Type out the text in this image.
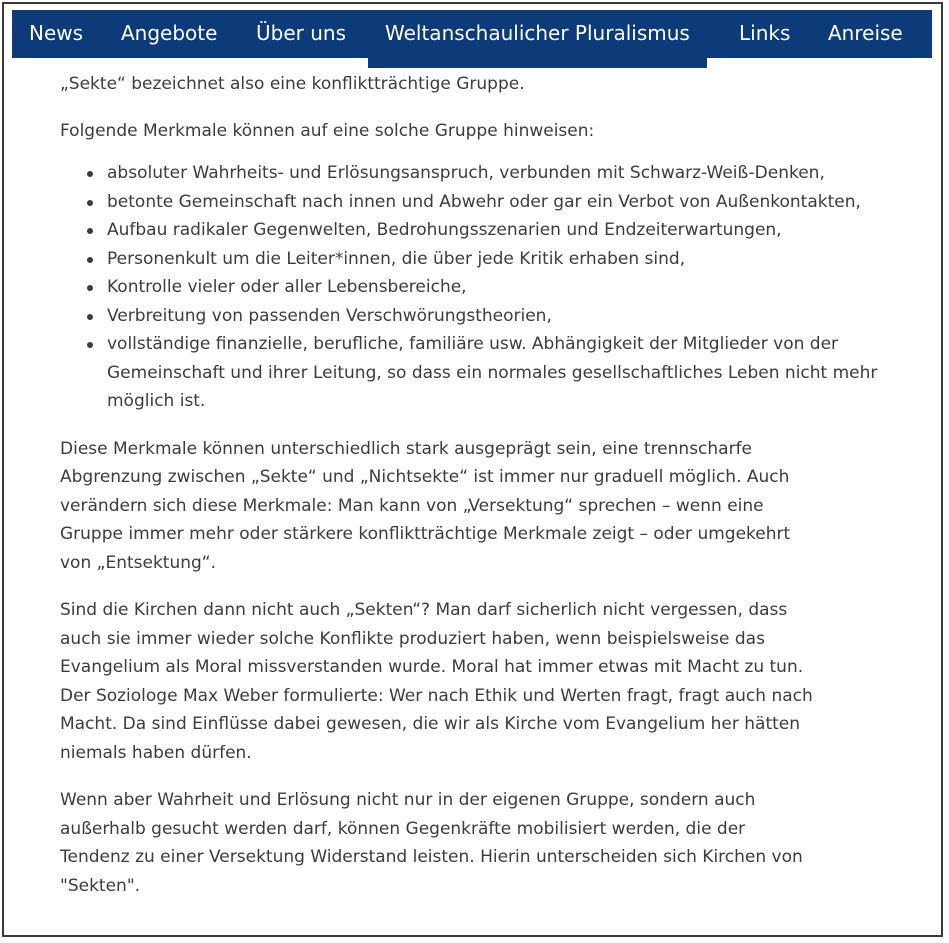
News Angebote Über uns	Weltanschaulicher Pluralismus	Links Anreise

„Sekte“ bezeichnet also eine konfliktträchtige Gruppe.

Folgende Merkmale können auf eine solche Gruppe hinweisen:

absoluter Wahrheits- und Erlösungsanspruch, verbunden mit Schwarz-Weiß-Denken,
betonte Gemeinschaft nach innen und Abwehr oder gar ein Verbot von Außenkontakten,
Aufbau radikaler Gegenwelten, Bedrohungsszenarien und Endzeiterwartungen,
Personenkult um die Leiter*innen, die über jede Kritik erhaben sind,
Kontrolle vieler oder aller Lebensbereiche,
Verbreitung von passenden Verschwörungstheorien,
vollständige finanzielle, berufliche, familiäre usw. Abhängigkeit der Mitglieder von der Gemeinschaft und ihrer Leitung, so dass ein normales gesellschaftliches Leben nicht mehr möglich ist.

Diese Merkmale können unterschiedlich stark ausgeprägt sein, eine trennscharfe Abgrenzung zwischen „Sekte“ und „Nichtsekte“ ist immer nur graduell möglich. Auch verändern sich diese Merkmale: Man kann von „Versektung“ sprechen – wenn eine Gruppe immer mehr oder stärkere konfliktträchtige Merkmale zeigt – oder umgekehrt von „Entsektung“.

Sind die Kirchen dann nicht auch „Sekten“? Man darf sicherlich nicht vergessen, dass auch sie immer wieder solche Konflikte produziert haben, wenn beispielsweise das Evangelium als Moral missverstanden wurde. Moral hat immer etwas mit Macht zu tun. Der Soziologe Max Weber formulierte: Wer nach Ethik und Werten fragt, fragt auch nach Macht. Da sind Einflüsse dabei gewesen, die wir als Kirche vom Evangelium her hätten niemals haben dürfen.

Wenn aber Wahrheit und Erlösung nicht nur in der eigenen Gruppe, sondern auch außerhalb gesucht werden darf, können Gegenkräfte mobilisiert werden, die der Tendenz zu einer Versektung Widerstand leisten. Hierin unterscheiden sich Kirchen von "Sekten".
